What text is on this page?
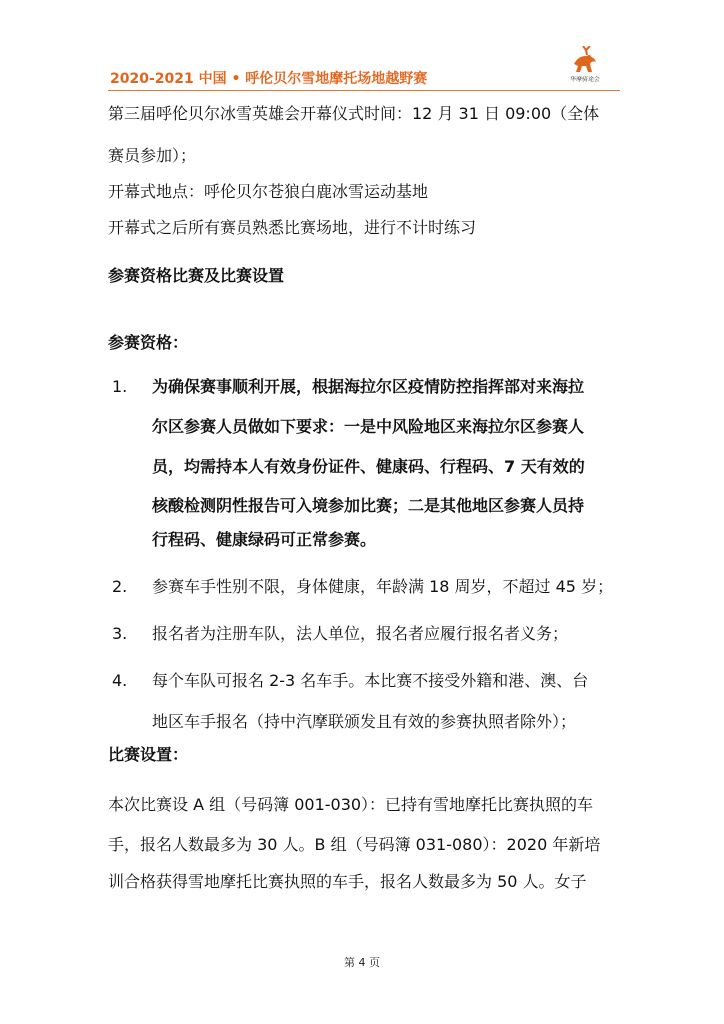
2020-2021 中国 • 呼伦贝尔雪地摩托场地越野赛	华摩骑途会
第三届呼伦贝尔冰雪英雄会开幕仪式时间：12 月 31 日 09:00（全体
赛员参加）；
开幕式地点：呼伦贝尔苍狼白鹿冰雪运动基地
开幕式之后所有赛员熟悉比赛场地，进行不计时练习
参赛资格比赛及比赛设置
参赛资格：
1. 为确保赛事顺利开展，根据海拉尔区疫情防控指挥部对来海拉
尔区参赛人员做如下要求：一是中风险地区来海拉尔区参赛人
员，均需持本人有效身份证件、健康码、行程码、7 天有效的
核酸检测阴性报告可入境参加比赛；二是其他地区参赛人员持
行程码、健康绿码可正常参赛。
2. 参赛车手性别不限，身体健康，年龄满 18 周岁，不超过 45 岁；
3. 报名者为注册车队，法人单位，报名者应履行报名者义务；
4. 每个车队可报名 2-3 名车手。本比赛不接受外籍和港、澳、台
地区车手报名（持中汽摩联颁发且有效的参赛执照者除外）；
比赛设置：
本次比赛设 A 组（号码簿 001-030）：已持有雪地摩托比赛执照的车
手，报名人数最多为 30 人。B 组（号码簿 031-080）：2020 年新培
训合格获得雪地摩托比赛执照的车手，报名人数最多为 50 人。女子
第 4 页
